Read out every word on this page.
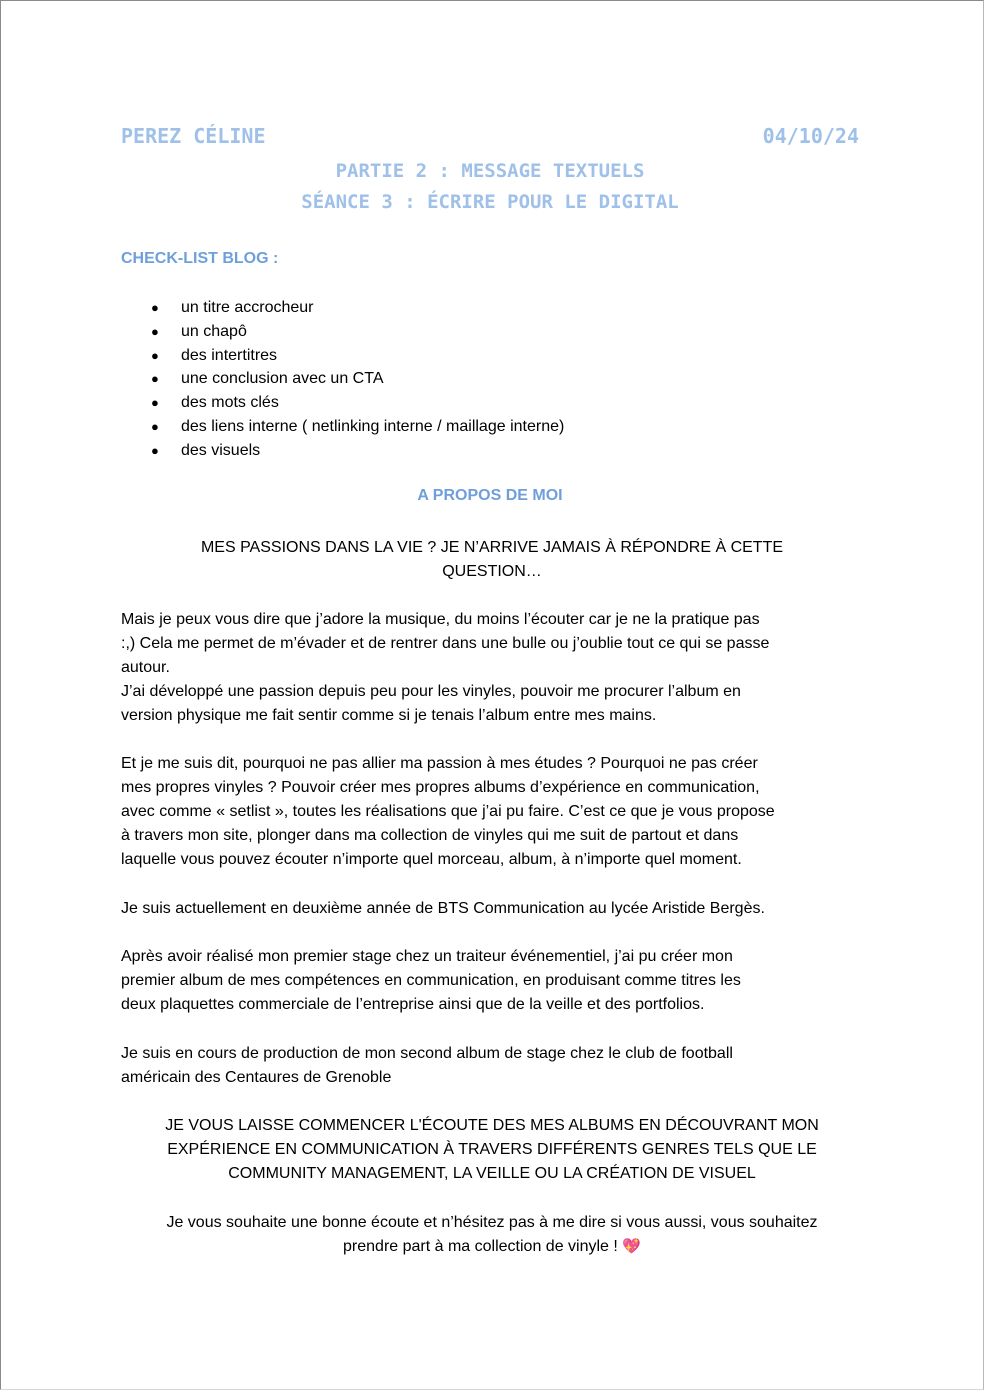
PEREZ CÉLINE	04/10/24
PARTIE 2 : MESSAGE TEXTUELS
SÉANCE 3 : ÉCRIRE POUR LE DIGITAL
CHECK-LIST BLOG :
● un titre accrocheur
● un chapô
● des intertitres
● une conclusion avec un CTA
● des mots clés
● des liens interne ( netlinking interne / maillage interne)
● des visuels
A PROPOS DE MOI
MES PASSIONS DANS LA VIE ? JE N’ARRIVE JAMAIS À RÉPONDRE À CETTE
QUESTION…
Mais je peux vous dire que j’adore la musique, du moins l’écouter car je ne la pratique pas
:,) Cela me permet de m’évader et de rentrer dans une bulle ou j’oublie tout ce qui se passe
autour.
J’ai développé une passion depuis peu pour les vinyles, pouvoir me procurer l’album en
version physique me fait sentir comme si je tenais l’album entre mes mains.
Et je me suis dit, pourquoi ne pas allier ma passion à mes études ? Pourquoi ne pas créer
mes propres vinyles ? Pouvoir créer mes propres albums d’expérience en communication,
avec comme « setlist », toutes les réalisations que j’ai pu faire. C’est ce que je vous propose
à travers mon site, plonger dans ma collection de vinyles qui me suit de partout et dans
laquelle vous pouvez écouter n’importe quel morceau, album, à n’importe quel moment.
Je suis actuellement en deuxième année de BTS Communication au lycée Aristide Bergès.
Après avoir réalisé mon premier stage chez un traiteur événementiel, j’ai pu créer mon
premier album de mes compétences en communication, en produisant comme titres les
deux plaquettes commerciale de l’entreprise ainsi que de la veille et des portfolios.
Je suis en cours de production de mon second album de stage chez le club de football
américain des Centaures de Grenoble
JE VOUS LAISSE COMMENCER L'ÉCOUTE DES MES ALBUMS EN DÉCOUVRANT MON
EXPÉRIENCE EN COMMUNICATION À TRAVERS DIFFÉRENTS GENRES TELS QUE LE
COMMUNITY MANAGEMENT, LA VEILLE OU LA CRÉATION DE VISUEL
Je vous souhaite une bonne écoute et n’hésitez pas à me dire si vous aussi, vous souhaitez
prendre part à ma collection de vinyle ! 💖
